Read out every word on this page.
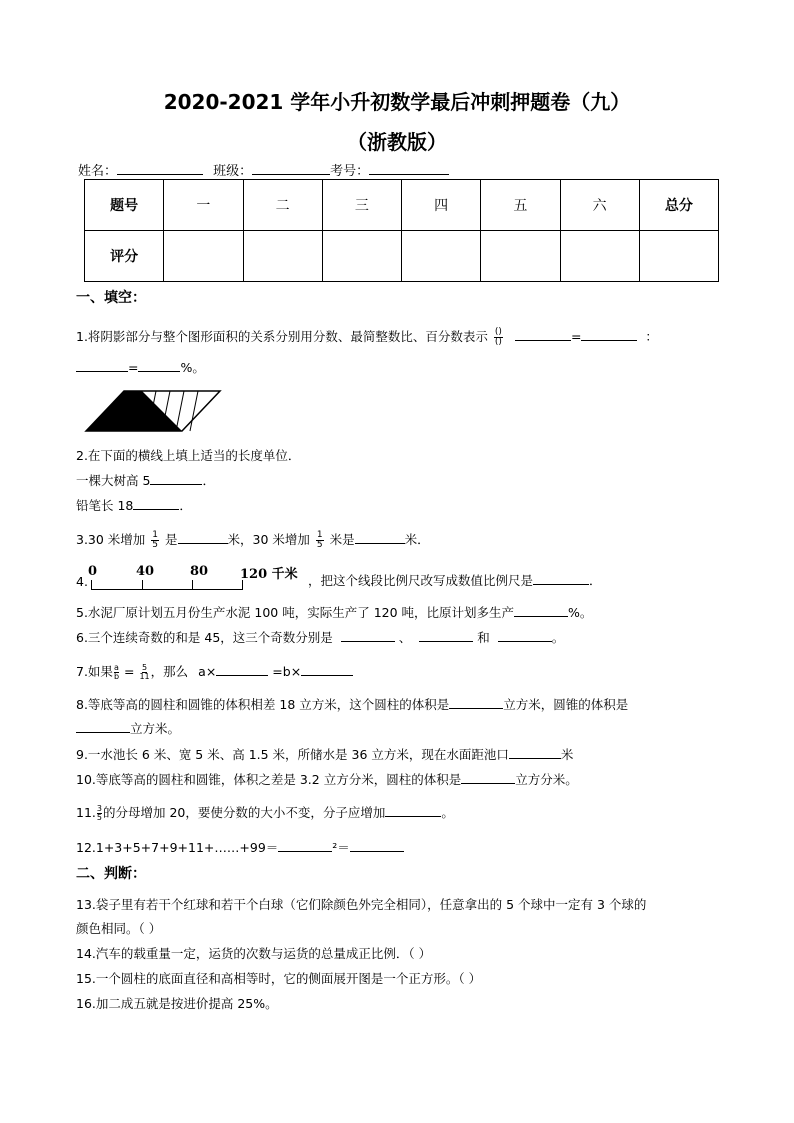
2020-2021 学年小升初数学最后冲刺押题卷（九）
（浙教版）
姓名：	班级：	考号：
题号	一	二	三	四	五	六	总分
评分							
一、填空：
1.将阴影部分与整个图形面积的关系分别用分数、最简整数比、百分数表示 $\frac{()}{()}$	=	：
=	%。
2.在下面的横线上填上适当的长度单位．
一棵大树高 5	．
铅笔长 18	．
3.30 米增加 $\frac{1}{5}$ 是	米，30 米增加 $\frac{1}{5}$ 米是	米．
4.
0	40	80 120 千米 ，把这个线段比例尺改写成数值比例尺是	．
5.水泥厂原计划五月份生产水泥 100 吨，实际生产了 120 吨，比原计划多生产	%。
6.三个连续奇数的和是 45，这三个奇数分别是	、	和	。
7.如果 $\frac{a}{b} = \frac{5}{11}$ ，那么 a×	=b×
8.等底等高的圆柱和圆锥的体积相差 18 立方米，这个圆柱的体积是	立方米，圆锥的体积是
立方米。
9.一水池长 6 米、宽 5 米、高 1.5 米，所储水是 36 立方米，现在水面距池口	米
10.等底等高的圆柱和圆锥，体积之差是 3.2 立方分米，圆柱的体积是	立方分米。
11. $\frac{3}{5}$ 的分母增加 20，要使分数的大小不变，分子应增加	。
12.1+3+5+7+9+11+……+99＝	²＝
二、判断：
13.袋子里有若干个红球和若干个白球（它们除颜色外完全相同），任意拿出的 5 个球中一定有 3 个球的
颜色相同。（ ）
14.汽车的载重量一定，运货的次数与运货的总量成正比例．（ ）
15.一个圆柱的底面直径和高相等时，它的侧面展开图是一个正方形。（ ）
16.加二成五就是按进价提高 25%。
